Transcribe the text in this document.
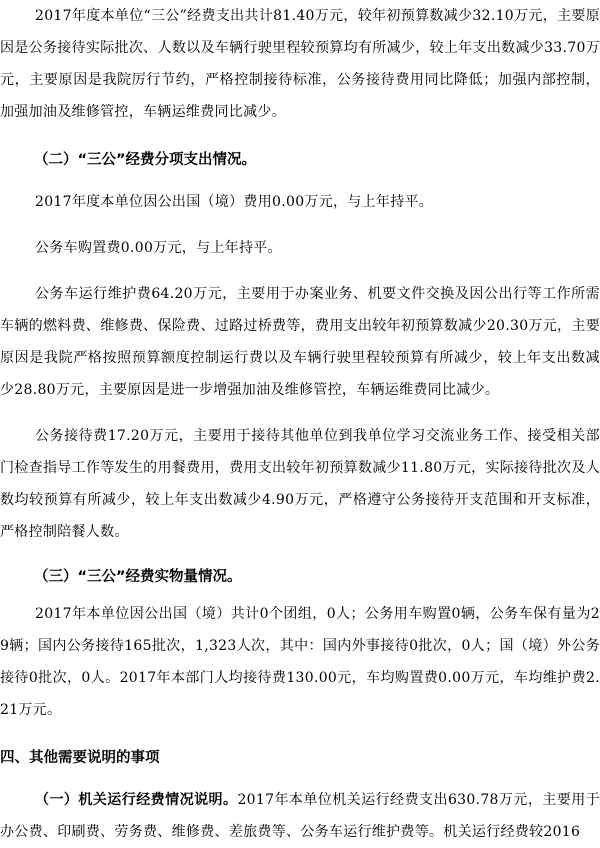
2017年度本单位“三公”经费支出共计81.40万元，较年初预算数减少32.10万元，主要原因是公务接待实际批次、人数以及车辆行驶里程较预算均有所减少，较上年支出数减少33.70万元，主要原因是我院厉行节约，严格控制接待标准，公务接待费用同比降低；加强内部控制，加强加油及维修管控，车辆运维费同比减少。

（二）“三公”经费分项支出情况。

2017年度本单位因公出国（境）费用0.00万元，与上年持平。

公务车购置费0.00万元，与上年持平。

公务车运行维护费64.20万元，主要用于办案业务、机要文件交换及因公出行等工作所需车辆的燃料费、维修费、保险费、过路过桥费等，费用支出较年初预算数减少20.30万元，主要原因是我院严格按照预算额度控制运行费以及车辆行驶里程较预算有所减少，较上年支出数减少28.80万元，主要原因是进一步增强加油及维修管控，车辆运维费同比减少。

公务接待费17.20万元，主要用于接待其他单位到我单位学习交流业务工作、接受相关部门检查指导工作等发生的用餐费用，费用支出较年初预算数减少11.80万元，实际接待批次及人数均较预算有所减少，较上年支出数减少4.90万元，严格遵守公务接待开支范围和开支标准，严格控制陪餐人数。

（三）“三公”经费实物量情况。

2017年本单位因公出国（境）共计0个团组，0人；公务用车购置0辆，公务车保有量为29辆；国内公务接待165批次，1,323人次，其中：国内外事接待0批次，0人；国（境）外公务接待0批次，0人。2017年本部门人均接待费130.00元，车均购置费0.00万元，车均维护费2.21万元。

四、其他需要说明的事项

（一）机关运行经费情况说明。2017年本单位机关运行经费支出630.78万元，主要用于办公费、印刷费、劳务费、维修费、差旅费等、公务车运行维护费等。机关运行经费较2016
